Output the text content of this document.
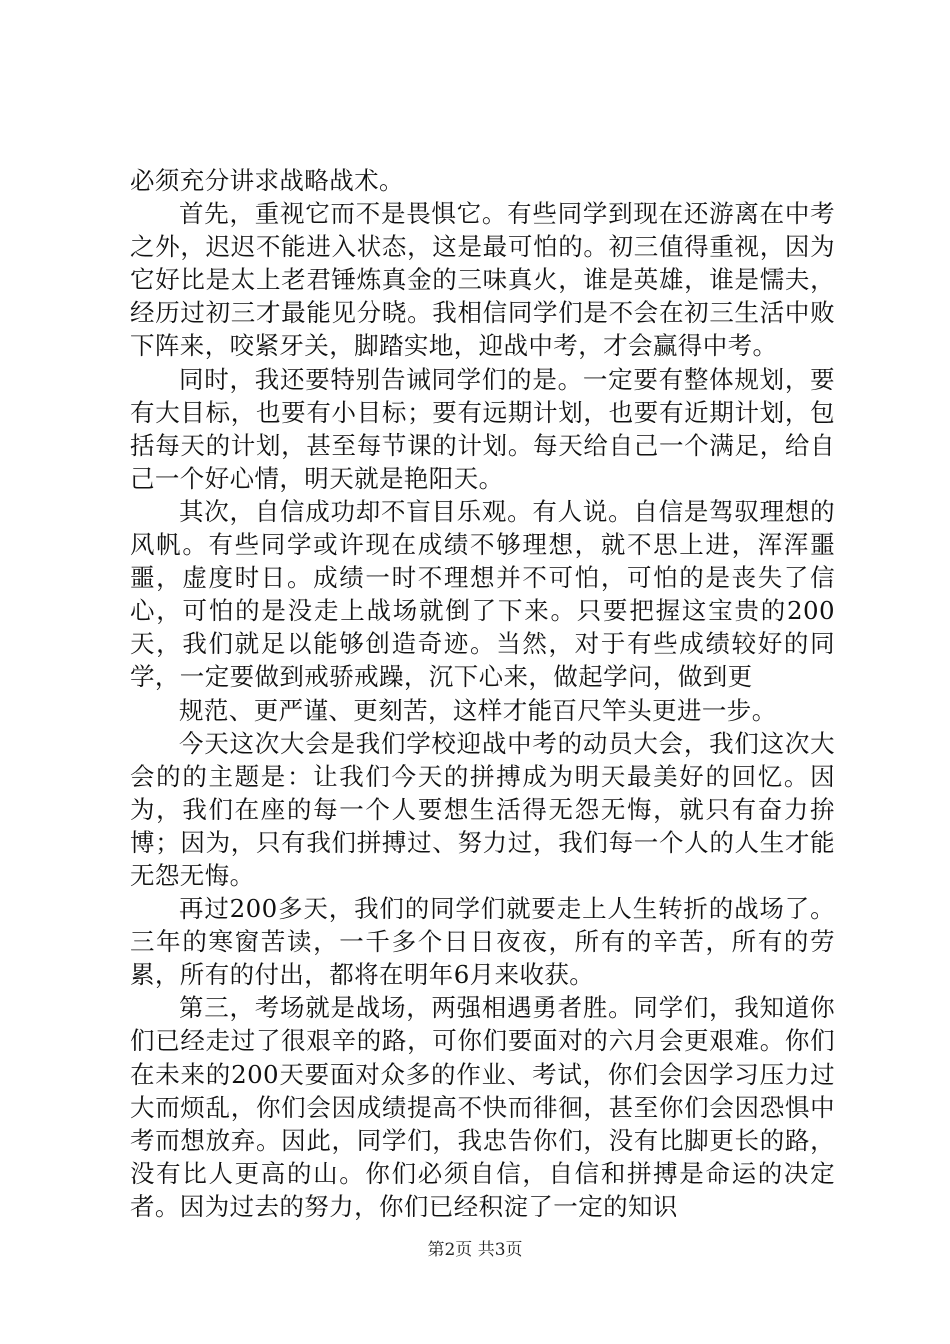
必须充分讲求战略战术。

首先，重视它而不是畏惧它。有些同学到现在还游离在中考之外，迟迟不能进入状态，这是最可怕的。初三值得重视，因为它好比是太上老君锤炼真金的三味真火，谁是英雄，谁是懦夫，经历过初三才最能见分晓。我相信同学们是不会在初三生活中败下阵来，咬紧牙关，脚踏实地，迎战中考，才会赢得中考。

同时，我还要特别告诫同学们的是。一定要有整体规划，要有大目标，也要有小目标；要有远期计划，也要有近期计划，包括每天的计划，甚至每节课的计划。每天给自己一个满足，给自己一个好心情，明天就是艳阳天。

其次，自信成功却不盲目乐观。有人说。自信是驾驭理想的风帆。有些同学或许现在成绩不够理想，就不思上进，浑浑噩噩，虚度时日。成绩一时不理想并不可怕，可怕的是丧失了信心，可怕的是没走上战场就倒了下来。只要把握这宝贵的200天，我们就足以能够创造奇迹。当然，对于有些成绩较好的同学，一定要做到戒骄戒躁，沉下心来，做起学问，做到更

规范、更严谨、更刻苦，这样才能百尺竿头更进一步。

今天这次大会是我们学校迎战中考的动员大会，我们这次大会的的主题是：让我们今天的拼搏成为明天最美好的回忆。因为，我们在座的每一个人要想生活得无怨无悔，就只有奋力拚博；因为，只有我们拼搏过、努力过，我们每一个人的人生才能无怨无悔。

再过200多天，我们的同学们就要走上人生转折的战场了。三年的寒窗苦读，一千多个日日夜夜，所有的辛苦，所有的劳累，所有的付出，都将在明年6月来收获。

第三，考场就是战场，两强相遇勇者胜。同学们，我知道你们已经走过了很艰辛的路，可你们要面对的六月会更艰难。你们在未来的200天要面对众多的作业、考试，你们会因学习压力过大而烦乱，你们会因成绩提高不快而徘徊，甚至你们会因恐惧中考而想放弃。因此，同学们，我忠告你们，没有比脚更长的路，没有比人更高的山。你们必须自信，自信和拼搏是命运的决定者。因为过去的努力，你们已经积淀了一定的知识

第2页 共3页
